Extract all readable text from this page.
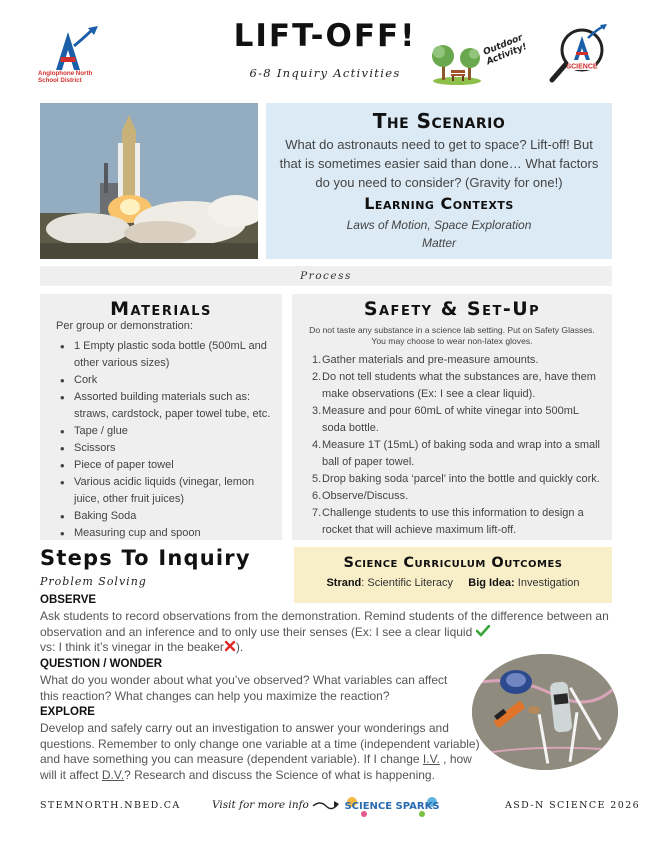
Anglophone North
School District
LIFT-OFF!
6-8 Inquiry Activities
Outdoor Activity!	SCIENCE
The Scenario
What do astronauts need to get to space? Lift-off! But that is sometimes easier said than done… What factors do you need to consider? (Gravity for one!)
Learning Contexts
Laws of Motion, Space Exploration
Matter
Process
Materials
Per group or demonstration:
• 1 Empty plastic soda bottle (500mL and other various sizes)
• Cork
• Assorted building materials such as: straws, cardstock, paper towel tube, etc.
• Tape / glue
• Scissors
• Piece of paper towel
• Various acidic liquids (vinegar, lemon juice, other fruit juices)
• Baking Soda
• Measuring cup and spoon
Safety & Set-Up
Do not taste any substance in a science lab setting. Put on Safety Glasses. You may choose to wear non-latex gloves.
1. Gather materials and pre-measure amounts.
2. Do not tell students what the substances are, have them make observations (Ex: I see a clear liquid).
3. Measure and pour 60mL of white vinegar into 500mL soda bottle.
4. Measure 1T (15mL) of baking soda and wrap into a small ball of paper towel.
5. Drop baking soda ‘parcel’ into the bottle and quickly cork.
6. Observe/Discuss.
7. Challenge students to use this information to design a rocket that will achieve maximum lift-off.
Steps To Inquiry
Problem Solving
Science Curriculum Outcomes
Strand: Scientific Literacy Big Idea: Investigation
OBSERVE
Ask students to record observations from the demonstration. Remind students of the difference between an observation and an inference and to only use their senses (Ex: I see a clear liquid
vs: I think it’s vinegar in the beaker ).
QUESTION / WONDER
What do you wonder about what you’ve observed? What variables can affect this reaction? What changes can help you maximize the reaction?
EXPLORE
Develop and safely carry out an investigation to answer your wonderings and questions. Remember to only change one variable at a time (independent variable) and have something you can measure (dependent variable). If I change I.V. , how will it affect D.V.? Research and discuss the Science of what is happening.
STEMNORTH.NBED.CA	Visit for more info	SCIENCE SPARKS	ASD-N SCIENCE 2026
